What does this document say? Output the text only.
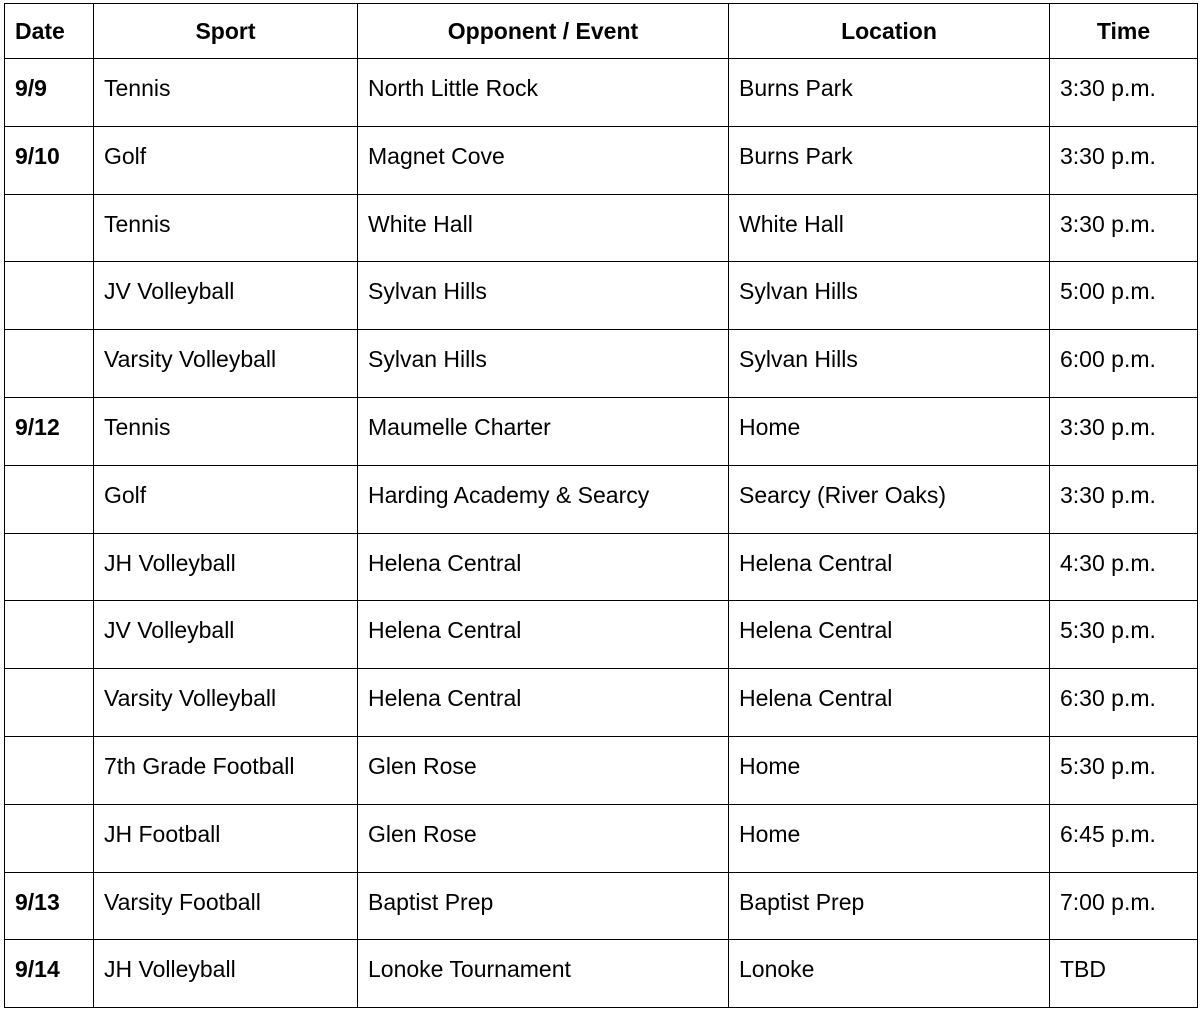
Date	Sport	Opponent / Event	Location	Time
9/9	Tennis	North Little Rock	Burns Park	3:30 p.m.
9/10	Golf	Magnet Cove	Burns Park	3:30 p.m.
	Tennis	White Hall	White Hall	3:30 p.m.
	JV Volleyball	Sylvan Hills	Sylvan Hills	5:00 p.m.
	Varsity Volleyball	Sylvan Hills	Sylvan Hills	6:00 p.m.
9/12	Tennis	Maumelle Charter	Home	3:30 p.m.
	Golf	Harding Academy & Searcy	Searcy (River Oaks)	3:30 p.m.
	JH Volleyball	Helena Central	Helena Central	4:30 p.m.
	JV Volleyball	Helena Central	Helena Central	5:30 p.m.
	Varsity Volleyball	Helena Central	Helena Central	6:30 p.m.
	7th Grade Football	Glen Rose	Home	5:30 p.m.
	JH Football	Glen Rose	Home	6:45 p.m.
9/13	Varsity Football	Baptist Prep	Baptist Prep	7:00 p.m.
9/14	JH Volleyball	Lonoke Tournament	Lonoke	TBD
